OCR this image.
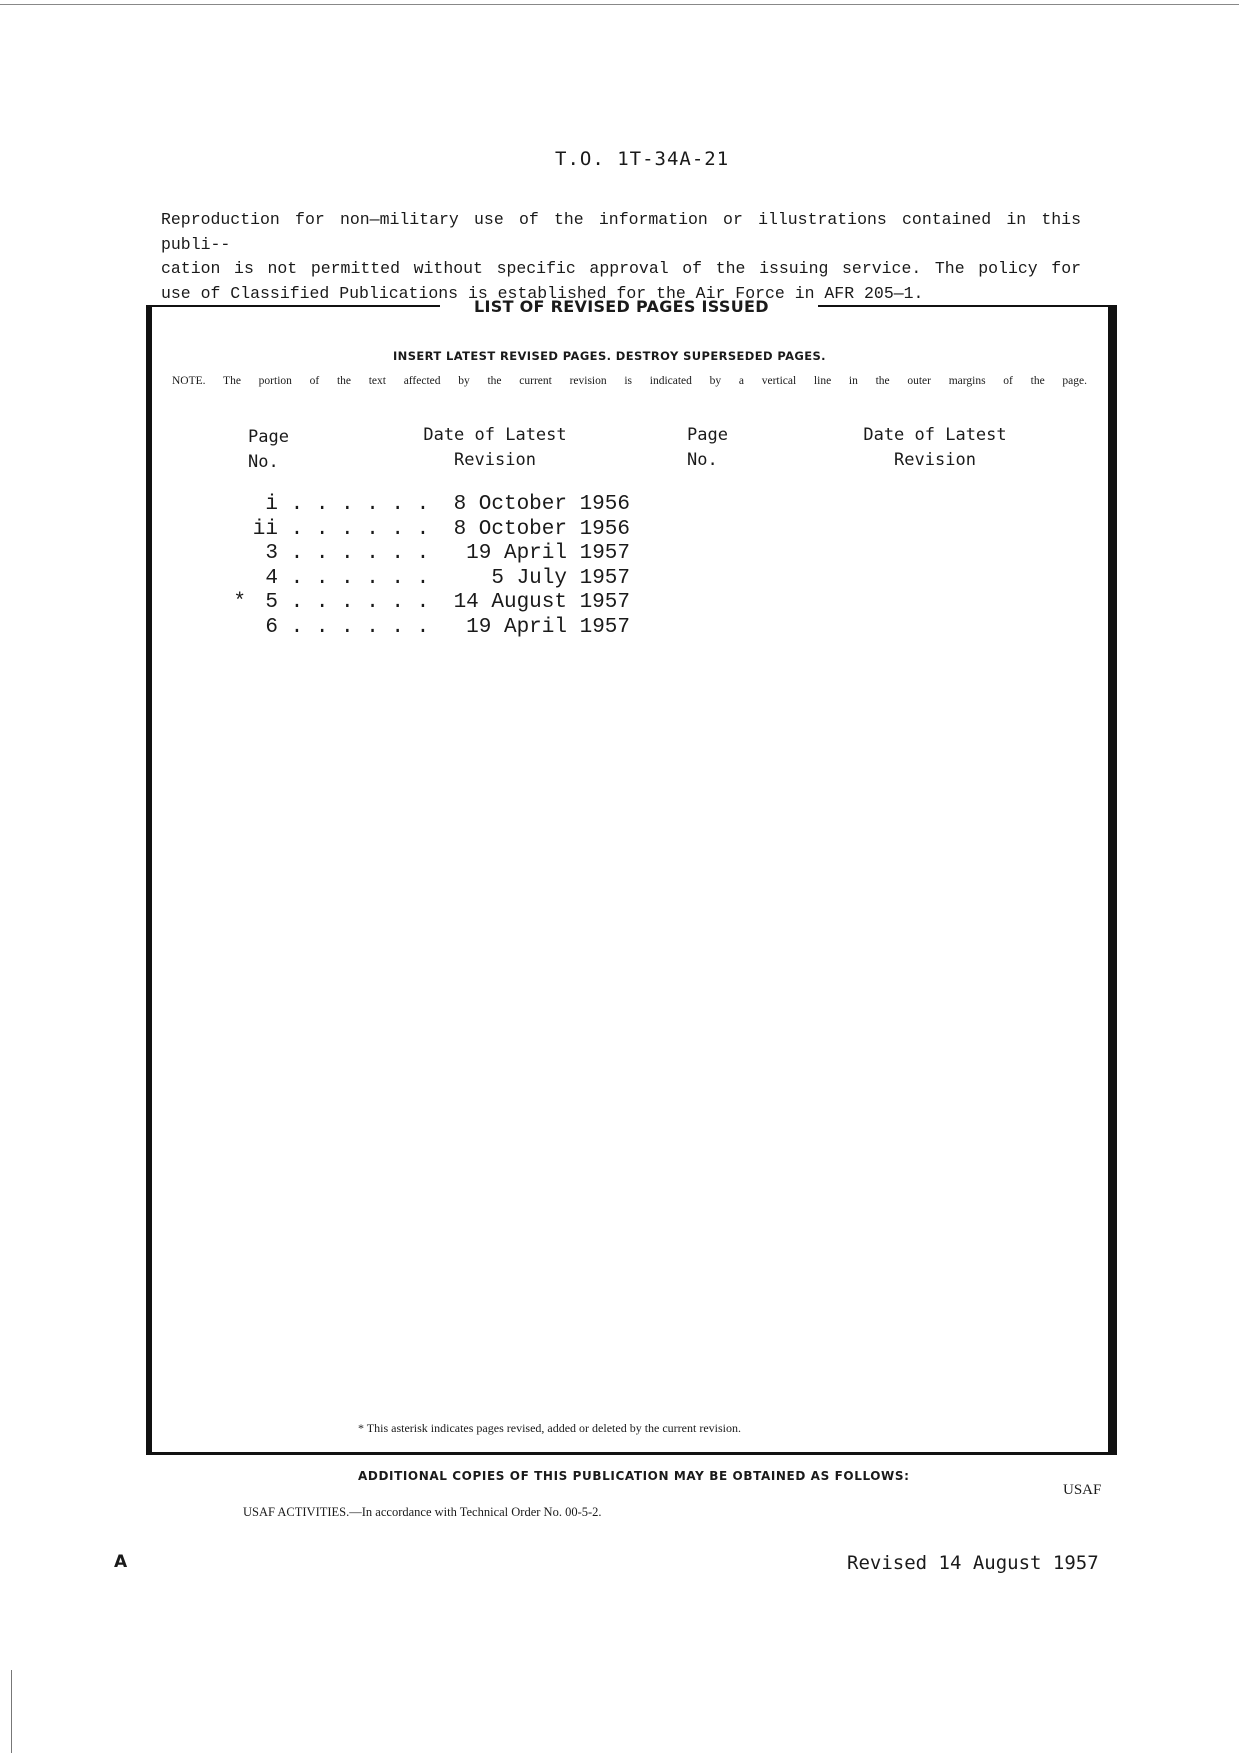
T.O. 1T-34A-21
Reproduction for non—military use of the information or illustrations contained in this publi--
cation is not permitted without specific approval of the issuing service. The policy for
use of Classified Publications is established for the Air Force in AFR 205—1.
LIST OF REVISED PAGES ISSUED
INSERT LATEST REVISED PAGES. DESTROY SUPERSEDED PAGES.
NOTE. The portion of the text affected by the current revision is indicated by a vertical line in the outer margins of the page.
Page
No.
Date of Latest
Revision
Page
No.
Date of Latest
Revision
i . . . . . .	8 October 1956
ii . . . . . .	8 October 1956
3 . . . . . .	19 April 1957
4 . . . . . .	5 July 1957
* 5 . . . . . .	14 August 1957
6 . . . . . .	19 April 1957
* This asterisk indicates pages revised, added or deleted by the current revision.
ADDITIONAL COPIES OF THIS PUBLICATION MAY BE OBTAINED AS FOLLOWS:
USAF
USAF ACTIVITIES.—In accordance with Technical Order No. 00-5-2.
A	Revised 14 August 1957
